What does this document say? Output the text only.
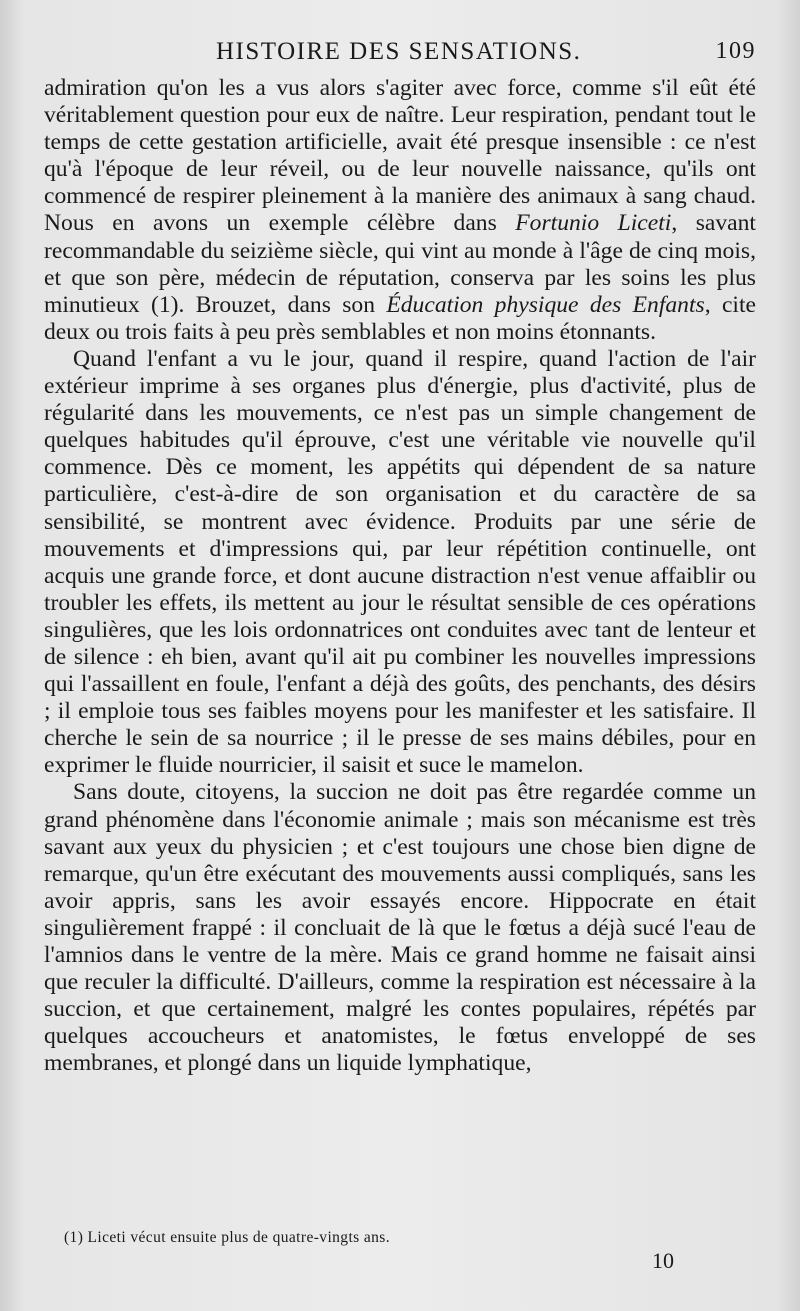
HISTOIRE DES SENSATIONS.	109

admiration qu'on les a vus alors s'agiter avec force, comme s'il eût été véritablement question pour eux de naître. Leur respiration, pendant tout le temps de cette gestation artificielle, avait été presque insensible : ce n'est qu'à l'époque de leur réveil, ou de leur nouvelle naissance, qu'ils ont commencé de respirer pleinement à la manière des animaux à sang chaud. Nous en avons un exemple célèbre dans Fortunio Liceti, savant recommandable du seizième siècle, qui vint au monde à l'âge de cinq mois, et que son père, médecin de réputation, conserva par les soins les plus minutieux (1). Brouzet, dans son Éducation physique des Enfants, cite deux ou trois faits à peu près semblables et non moins étonnants.

Quand l'enfant a vu le jour, quand il respire, quand l'action de l'air extérieur imprime à ses organes plus d'énergie, plus d'activité, plus de régularité dans les mouvements, ce n'est pas un simple changement de quelques habitudes qu'il éprouve, c'est une véritable vie nouvelle qu'il commence. Dès ce moment, les appétits qui dépendent de sa nature particulière, c'est-à-dire de son organisation et du caractère de sa sensibilité, se montrent avec évidence. Produits par une série de mouvements et d'impressions qui, par leur répétition continuelle, ont acquis une grande force, et dont aucune distraction n'est venue affaiblir ou troubler les effets, ils mettent au jour le résultat sensible de ces opérations singulières, que les lois ordonnatrices ont conduites avec tant de lenteur et de silence : eh bien, avant qu'il ait pu combiner les nouvelles impressions qui l'assaillent en foule, l'enfant a déjà des goûts, des penchants, des désirs ; il emploie tous ses faibles moyens pour les manifester et les satisfaire. Il cherche le sein de sa nourrice ; il le presse de ses mains débiles, pour en exprimer le fluide nourricier, il saisit et suce le mamelon.

Sans doute, citoyens, la succion ne doit pas être regardée comme un grand phénomène dans l'économie animale ; mais son mécanisme est très savant aux yeux du physicien ; et c'est toujours une chose bien digne de remarque, qu'un être exécutant des mouvements aussi compliqués, sans les avoir appris, sans les avoir essayés encore. Hippocrate en était singulièrement frappé : il concluait de là que le fœtus a déjà sucé l'eau de l'amnios dans le ventre de la mère. Mais ce grand homme ne faisait ainsi que reculer la difficulté. D'ailleurs, comme la respiration est nécessaire à la succion, et que certainement, malgré les contes populaires, répétés par quelques accoucheurs et anatomistes, le fœtus enveloppé de ses membranes, et plongé dans un liquide lymphatique,

(1) Liceti vécut ensuite plus de quatre-vingts ans.
10
